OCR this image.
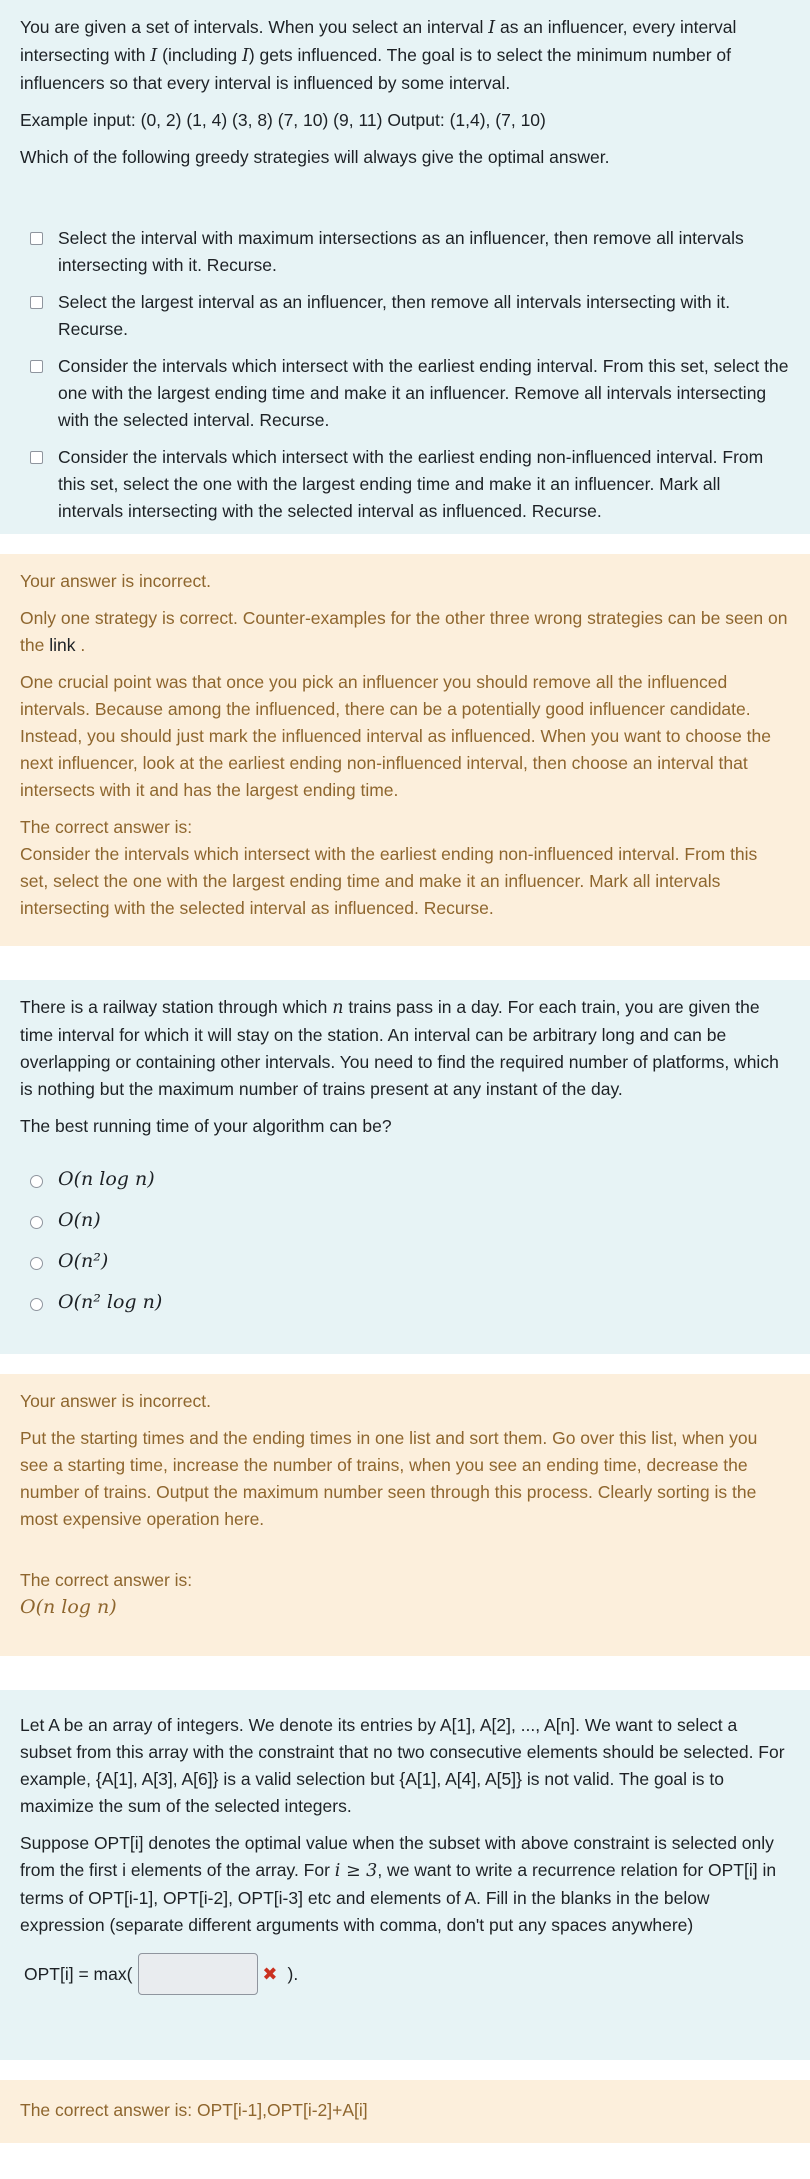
You are given a set of intervals. When you select an interval I as an influencer, every interval intersecting with I (including I) gets influenced. The goal is to select the minimum number of influencers so that every interval is influenced by some interval.

Example input: (0, 2) (1, 4) (3, 8) (7, 10) (9, 11) Output: (1,4), (7, 10)

Which of the following greedy strategies will always give the optimal answer.

Select the interval with maximum intersections as an influencer, then remove all intervals intersecting with it. Recurse.
Select the largest interval as an influencer, then remove all intervals intersecting with it. Recurse.
Consider the intervals which intersect with the earliest ending interval. From this set, select the one with the largest ending time and make it an influencer. Remove all intervals intersecting with the selected interval. Recurse.
Consider the intervals which intersect with the earliest ending non-influenced interval. From this set, select the one with the largest ending time and make it an influencer. Mark all intervals intersecting with the selected interval as influenced. Recurse.

Your answer is incorrect.

Only one strategy is correct. Counter-examples for the other three wrong strategies can be seen on the link .

One crucial point was that once you pick an influencer you should remove all the influenced intervals. Because among the influenced, there can be a potentially good influencer candidate. Instead, you should just mark the influenced interval as influenced. When you want to choose the next influencer, look at the earliest ending non-influenced interval, then choose an interval that intersects with it and has the largest ending time.

The correct answer is:
Consider the intervals which intersect with the earliest ending non-influenced interval. From this set, select the one with the largest ending time and make it an influencer. Mark all intervals intersecting with the selected interval as influenced. Recurse.

There is a railway station through which n trains pass in a day. For each train, you are given the time interval for which it will stay on the station. An interval can be arbitrary long and can be overlapping or containing other intervals. You need to find the required number of platforms, which is nothing but the maximum number of trains present at any instant of the day.

The best running time of your algorithm can be?

O(n log n)
O(n)
O(n²)
O(n² log n)

Your answer is incorrect.

Put the starting times and the ending times in one list and sort them. Go over this list, when you see a starting time, increase the number of trains, when you see an ending time, decrease the number of trains. Output the maximum number seen through this process. Clearly sorting is the most expensive operation here.

The correct answer is:
O(n log n)

Let A be an array of integers. We denote its entries by A[1], A[2], ..., A[n]. We want to select a subset from this array with the constraint that no two consecutive elements should be selected. For example, {A[1], A[3], A[6]} is a valid selection but {A[1], A[4], A[5]} is not valid. The goal is to maximize the sum of the selected integers.

Suppose OPT[i] denotes the optimal value when the subset with above constraint is selected only from the first i elements of the array. For i ≥ 3, we want to write a recurrence relation for OPT[i] in terms of OPT[i-1], OPT[i-2], OPT[i-3] etc and elements of A. Fill in the blanks in the below expression (separate different arguments with comma, don't put any spaces anywhere)

OPT[i] = max(	✖ ).
The correct answer is: OPT[i-1],OPT[i-2]+A[i]
